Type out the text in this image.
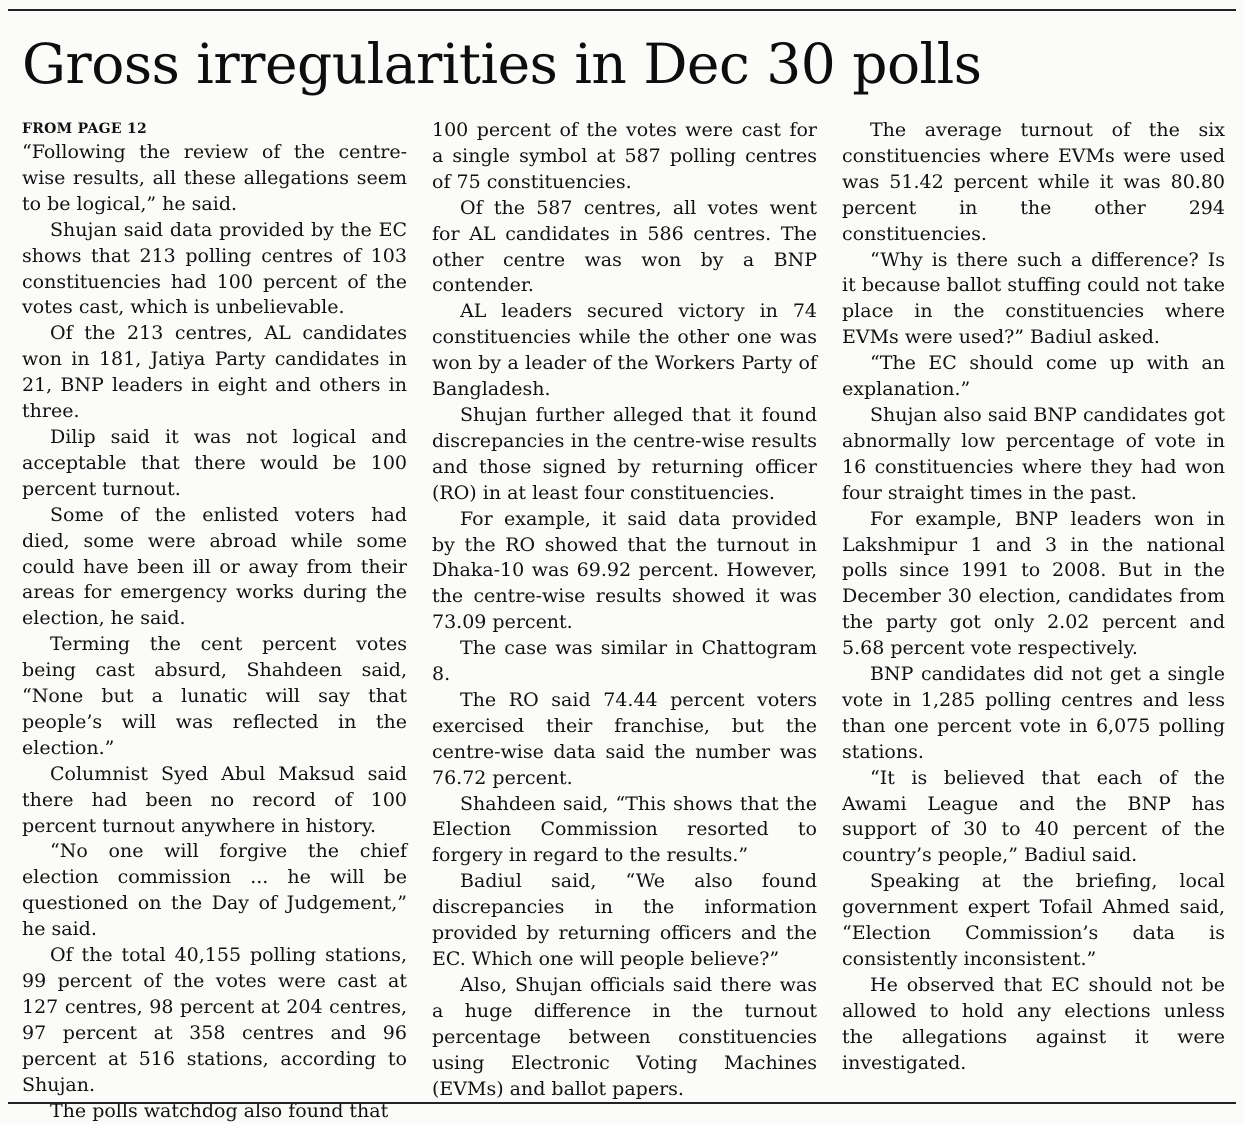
Gross irregularities in Dec 30 polls

FROM PAGE 12

“Following the review of the centre-wise results, all these allegations seem to be logical,” he said.

Shujan said data provided by the EC shows that 213 polling centres of 103 constituencies had 100 percent of the votes cast, which is unbelievable.

Of the 213 centres, AL candidates won in 181, Jatiya Party candidates in 21, BNP leaders in eight and others in three.

Dilip said it was not logical and acceptable that there would be 100 percent turnout.

Some of the enlisted voters had died, some were abroad while some could have been ill or away from their areas for emergency works during the election, he said.

Terming the cent percent votes being cast absurd, Shahdeen said, “None but a lunatic will say that people’s will was reflected in the election.”

Columnist Syed Abul Maksud said there had been no record of 100 percent turnout anywhere in history.

“No one will forgive the chief election commission ... he will be questioned on the Day of Judgement,” he said.

Of the total 40,155 polling stations, 99 percent of the votes were cast at 127 centres, 98 percent at 204 centres, 97 percent at 358 centres and 96 percent at 516 stations, according to Shujan.

The polls watchdog also found that

100 percent of the votes were cast for a single symbol at 587 polling centres of 75 constituencies.

Of the 587 centres, all votes went for AL candidates in 586 centres. The other centre was won by a BNP contender.

AL leaders secured victory in 74 constituencies while the other one was won by a leader of the Workers Party of Bangladesh.

Shujan further alleged that it found discrepancies in the centre-wise results and those signed by returning officer (RO) in at least four constituencies.

For example, it said data provided by the RO showed that the turnout in Dhaka-10 was 69.92 percent. However, the centre-wise results showed it was 73.09 percent.

The case was similar in Chattogram 8.

The RO said 74.44 percent voters exercised their franchise, but the centre-wise data said the number was 76.72 percent.

Shahdeen said, “This shows that the Election Commission resorted to forgery in regard to the results.”

Badiul said, “We also found discrepancies in the information provided by returning officers and the EC. Which one will people believe?”

Also, Shujan officials said there was a huge difference in the turnout percentage between constituencies using Electronic Voting Machines (EVMs) and ballot papers.

The average turnout of the six constituencies where EVMs were used was 51.42 percent while it was 80.80 percent in the other 294 constituencies.

“Why is there such a difference? Is it because ballot stuffing could not take place in the constituencies where EVMs were used?” Badiul asked.

“The EC should come up with an explanation.”

Shujan also said BNP candidates got abnormally low percentage of vote in 16 constituencies where they had won four straight times in the past.

For example, BNP leaders won in Lakshmipur 1 and 3 in the national polls since 1991 to 2008. But in the December 30 election, candidates from the party got only 2.02 percent and 5.68 percent vote respectively.

BNP candidates did not get a single vote in 1,285 polling centres and less than one percent vote in 6,075 polling stations.

“It is believed that each of the Awami League and the BNP has support of 30 to 40 percent of the country’s people,” Badiul said.

Speaking at the briefing, local government expert Tofail Ahmed said, “Election Commission’s data is consistently inconsistent.”

He observed that EC should not be allowed to hold any elections unless the allegations against it were investigated.
